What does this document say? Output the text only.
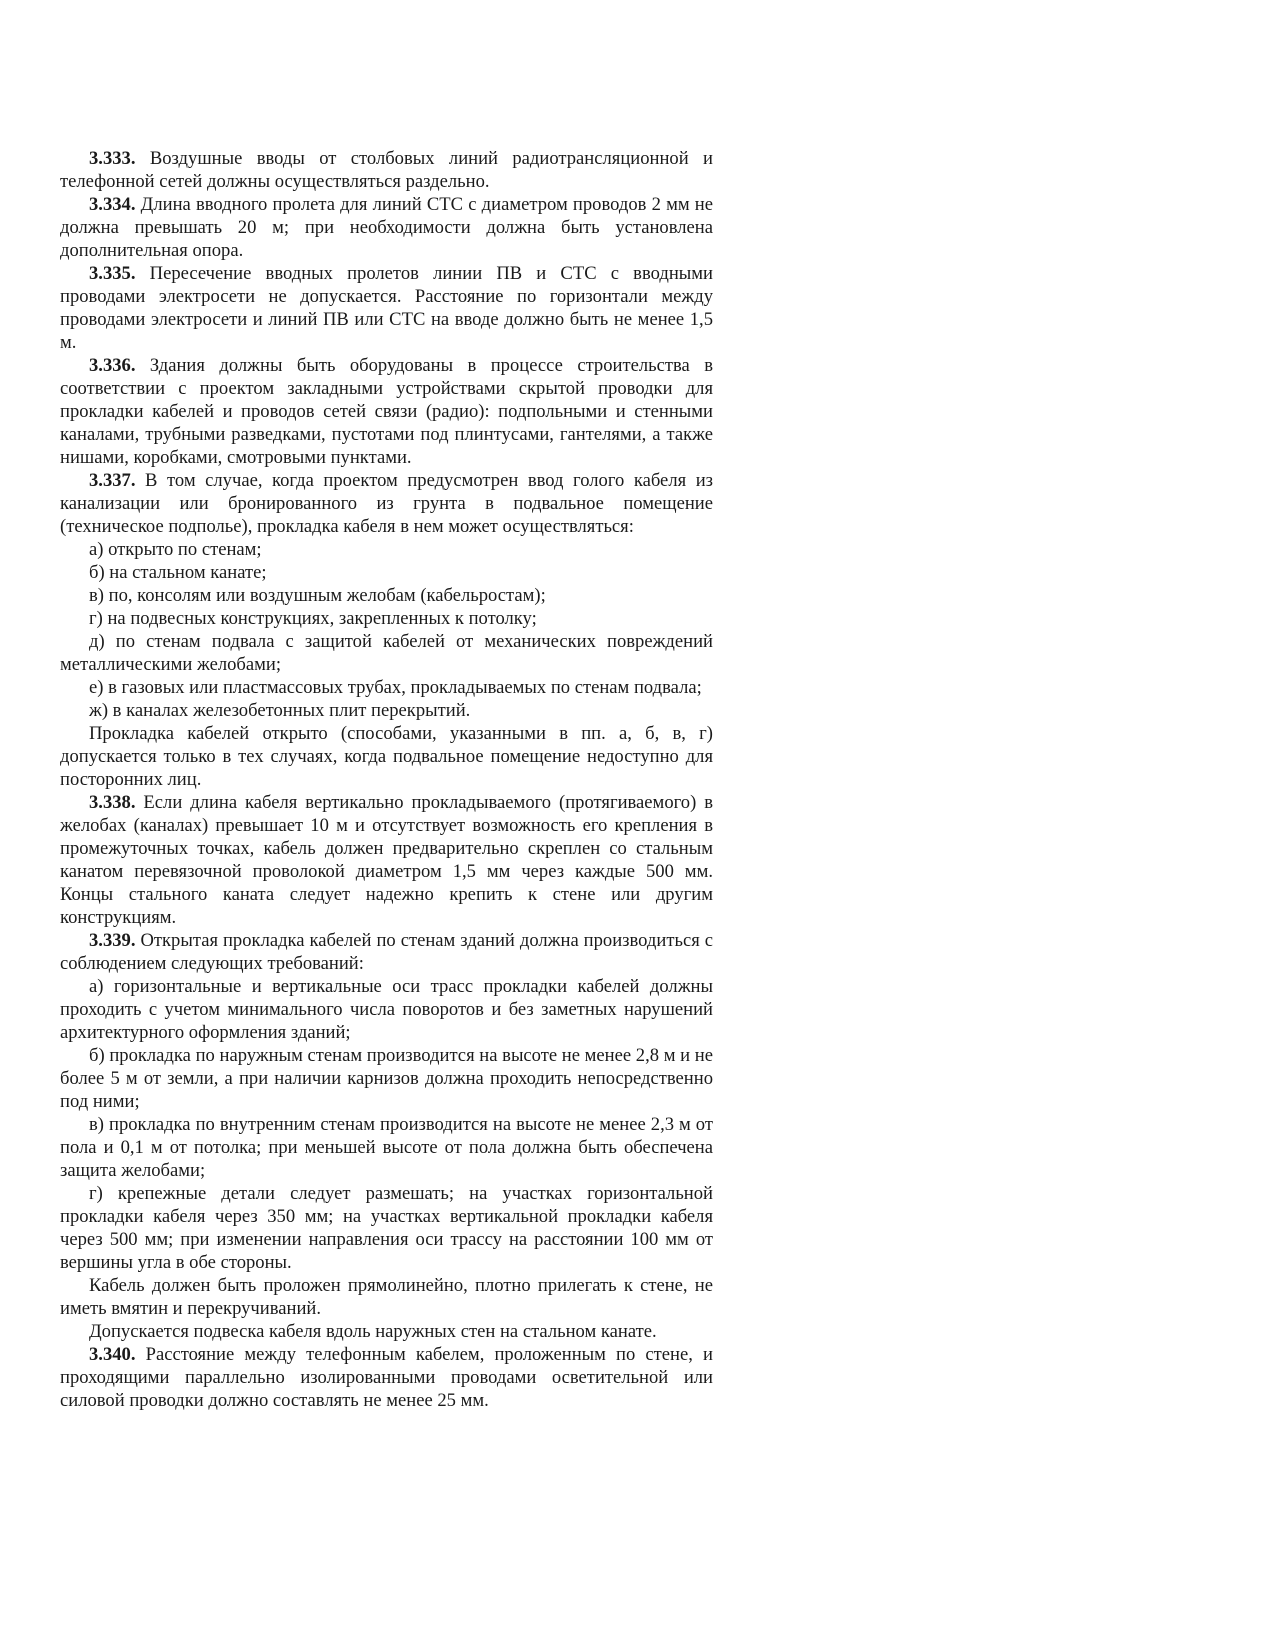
3.333. Воздушные вводы от столбовых линий радиотрансляционной и телефонной сетей должны осуществляться раздельно.

3.334. Длина вводного пролета для линий СТС с диаметром проводов 2 мм не должна превышать 20 м; при необходимости должна быть установлена дополнительная опора.

3.335. Пересечение вводных пролетов линии ПВ и СТС с вводными проводами электросети не допускается. Расстояние по горизонтали между проводами электросети и линий ПВ или СТС на вводе должно быть не менее 1,5 м.

3.336. Здания должны быть оборудованы в процессе строительства в соответствии с проектом закладными устройствами скрытой проводки для прокладки кабелей и проводов сетей связи (радио): подпольными и стенными каналами, трубными разведками, пустотами под плинтусами, гантелями, а также нишами, коробками, смотровыми пунктами.

3.337. В том случае, когда проектом предусмотрен ввод голого кабеля из канализации или бронированного из грунта в подвальное помещение (техническое подполье), прокладка кабеля в нем может осуществляться:

а) открыто по стенам;

б) на стальном канате;

в) по, консолям или воздушным желобам (кабельростам);

г) на подвесных конструкциях, закрепленных к потолку;

д) по стенам подвала с защитой кабелей от механических повреждений металлическими желобами;

е) в газовых или пластмассовых трубах, прокладываемых по стенам подвала;

ж) в каналах железобетонных плит перекрытий.

Прокладка кабелей открыто (способами, указанными в пп. а, б, в, г) допускается только в тех случаях, когда подвальное помещение недоступно для посторонних лиц.

3.338. Если длина кабеля вертикально прокладываемого (протягиваемого) в желобах (каналах) превышает 10 м и отсутствует возможность его крепления в промежуточных точках, кабель должен предварительно скреплен со стальным канатом перевязочной проволокой диаметром 1,5 мм через каждые 500 мм. Концы стального каната следует надежно крепить к стене или другим конструкциям.

3.339. Открытая прокладка кабелей по стенам зданий должна производиться с соблюдением следующих требований:

а) горизонтальные и вертикальные оси трасс прокладки кабелей должны проходить с учетом минимального числа поворотов и без заметных нарушений архитектурного оформления зданий;

б) прокладка по наружным стенам производится на высоте не менее 2,8 м и не более 5 м от земли, а при наличии карнизов должна проходить непосредственно под ними;

в) прокладка по внутренним стенам производится на высоте не менее 2,3 м от пола и 0,1 м от потолка; при меньшей высоте от пола должна быть обеспечена защита желобами;

г) крепежные детали следует размешать; на участках горизонтальной прокладки кабеля через 350 мм; на участках вертикальной прокладки кабеля через 500 мм; при изменении направления оси трассу на расстоянии 100 мм от вершины угла в обе стороны.

Кабель должен быть проложен прямолинейно, плотно прилегать к стене, не иметь вмятин и перекручиваний.

Допускается подвеска кабеля вдоль наружных стен на стальном канате.

3.340. Расстояние между телефонным кабелем, проложенным по стене, и проходящими параллельно изолированными проводами осветительной или силовой проводки должно составлять не менее 25 мм.
